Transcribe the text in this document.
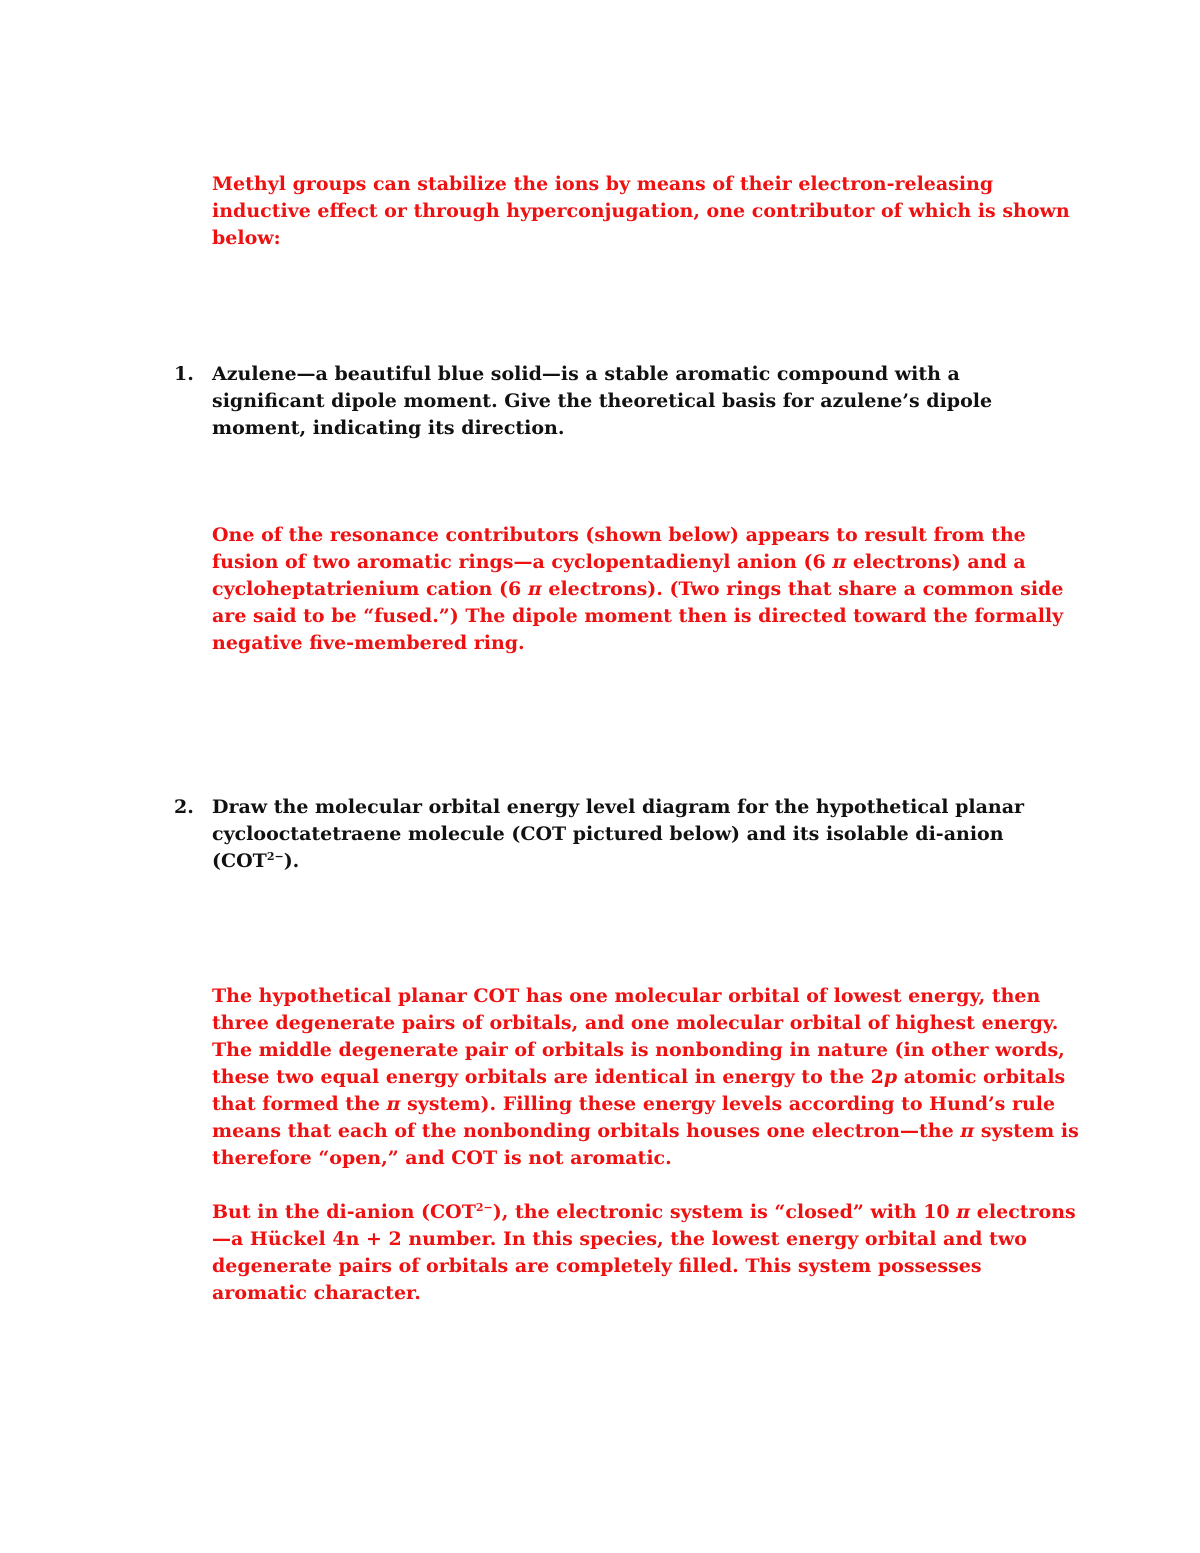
Methyl groups can stabilize the ions by means of their electron-releasing
inductive effect or through hyperconjugation, one contributor of which is shown
below:
1. Azulene—a beautiful blue solid—is a stable aromatic compound with a
significant dipole moment. Give the theoretical basis for azulene’s dipole
moment, indicating its direction.
One of the resonance contributors (shown below) appears to result from the
fusion of two aromatic rings—a cyclopentadienyl anion (6 π electrons) and a
cycloheptatrienium cation (6 π electrons). (Two rings that share a common side
are said to be “fused.”) The dipole moment then is directed toward the formally
negative five-membered ring.
2. Draw the molecular orbital energy level diagram for the hypothetical planar
cyclooctatetraene molecule (COT pictured below) and its isolable di-anion
$(COT^{2-})$.
The hypothetical planar COT has one molecular orbital of lowest energy, then
three degenerate pairs of orbitals, and one molecular orbital of highest energy.
The middle degenerate pair of orbitals is nonbonding in nature (in other words,
these two equal energy orbitals are identical in energy to the 2p atomic orbitals
that formed the π system). Filling these energy levels according to Hund’s rule
means that each of the nonbonding orbitals houses one electron—the π system is
therefore “open,” and COT is not aromatic.
But in the di-anion $(COT^{2-})$, the electronic system is “closed” with 10 π electrons
—a Hückel 4n + 2 number. In this species, the lowest energy orbital and two
degenerate pairs of orbitals are completely filled. This system possesses
aromatic character.
